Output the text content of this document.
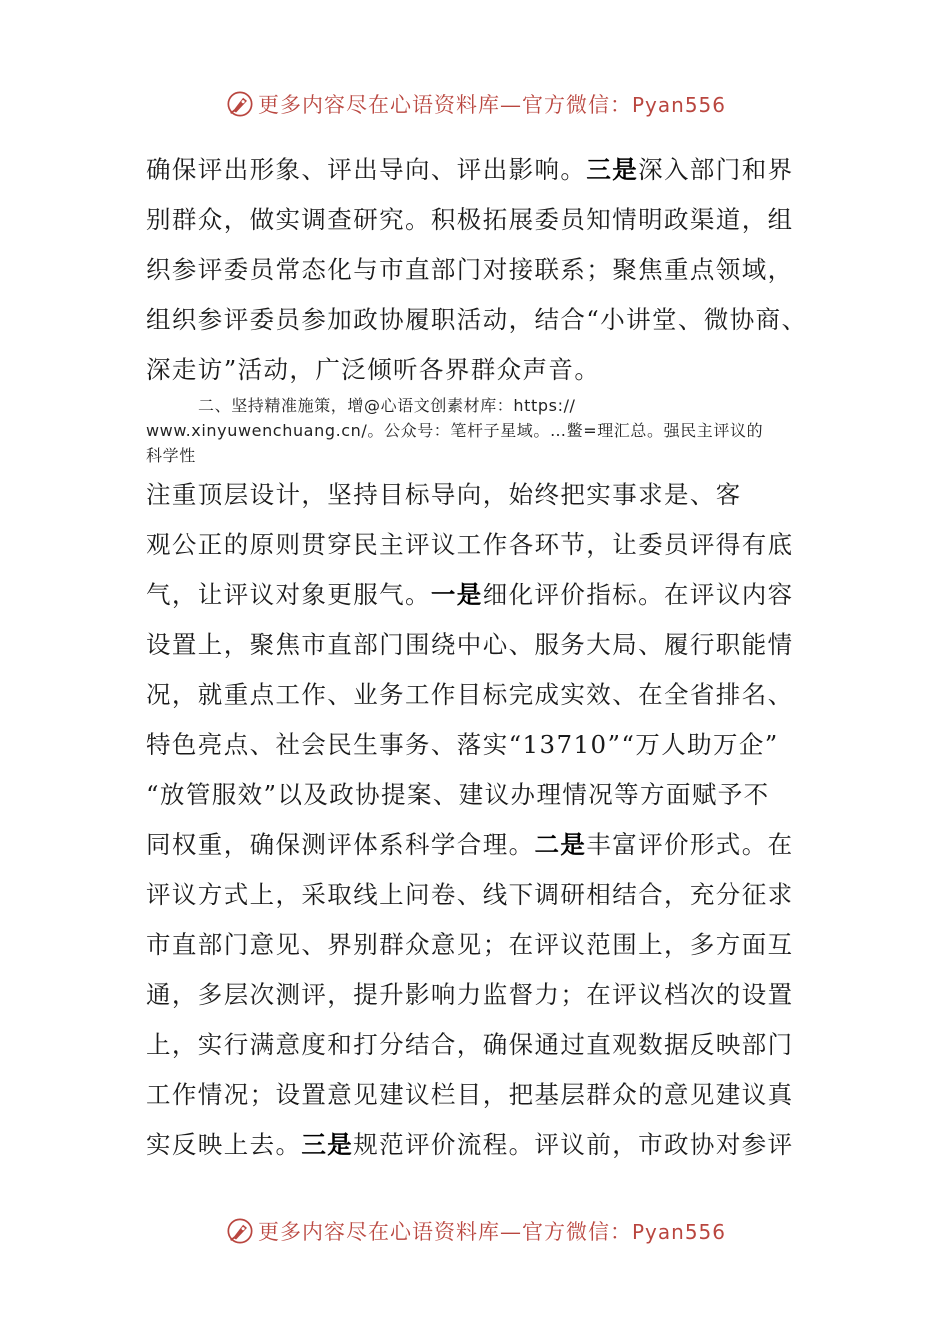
更多内容尽在心语资料库—官方微信：Pyan556
确保评出形象、评出导向、评出影响。三是深入部门和界
别群众，做实调查研究。积极拓展委员知情明政渠道，组
织参评委员常态化与市直部门对接联系；聚焦重点领域，
组织参评委员参加政协履职活动，结合“小讲堂、微协商、
深走访”活动，广泛倾听各界群众声音。
二、坚持精准施策，增@心语文创素材库：https://
www.xinyuwenchuang.cn/。公众号：笔杆子星域。…鳖=理汇总。强民主评议的
科学性
注重顶层设计，坚持目标导向，始终把实事求是、客
观公正的原则贯穿民主评议工作各环节，让委员评得有底
气，让评议对象更服气。一是细化评价指标。在评议内容
设置上，聚焦市直部门围绕中心、服务大局、履行职能情
况，就重点工作、业务工作目标完成实效、在全省排名、
特色亮点、社会民生事务、落实“13710”“万人助万企”
“放管服效”以及政协提案、建议办理情况等方面赋予不
同权重，确保测评体系科学合理。二是丰富评价形式。在
评议方式上，采取线上问卷、线下调研相结合，充分征求
市直部门意见、界别群众意见；在评议范围上，多方面互
通，多层次测评，提升影响力监督力；在评议档次的设置
上，实行满意度和打分结合，确保通过直观数据反映部门
工作情况；设置意见建议栏目，把基层群众的意见建议真
实反映上去。三是规范评价流程。评议前，市政协对参评
更多内容尽在心语资料库—官方微信：Pyan556
